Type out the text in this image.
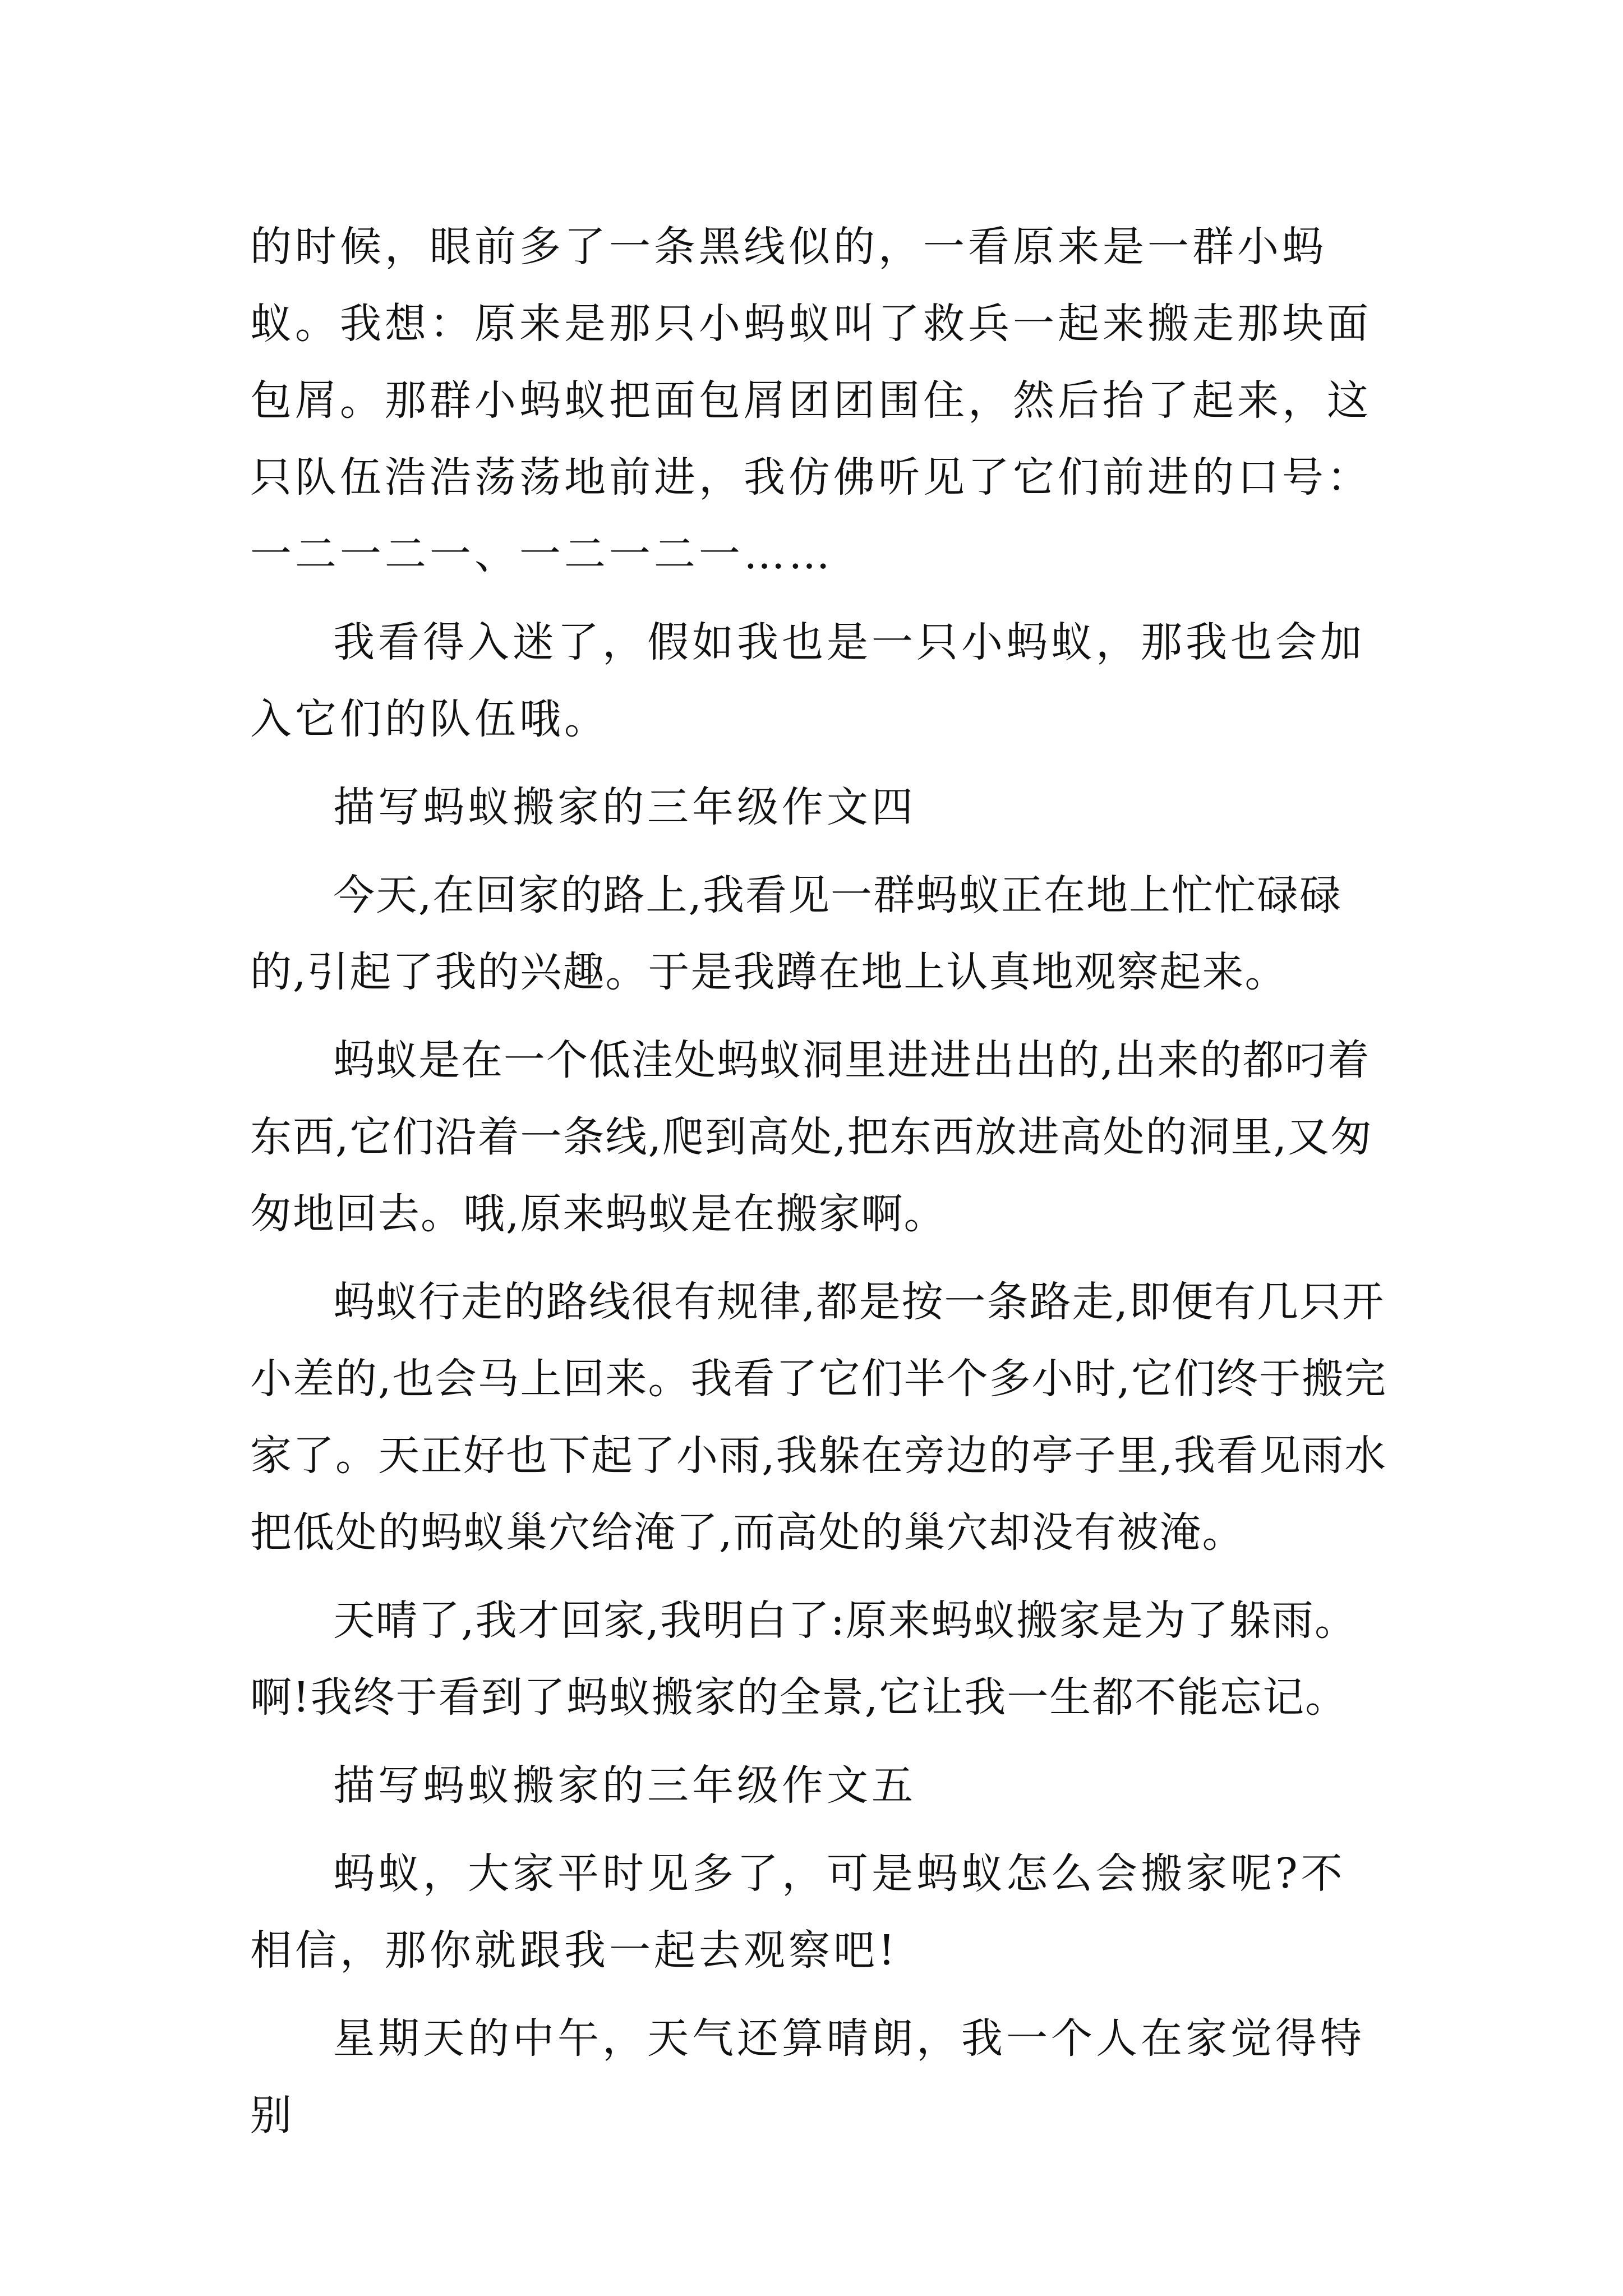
的时候，眼前多了一条黑线似的，一看原来是一群小蚂蚁。我想：原来是那只小蚂蚁叫了救兵一起来搬走那块面包屑。那群小蚂蚁把面包屑团团围住，然后抬了起来，这只队伍浩浩荡荡地前进，我仿佛听见了它们前进的口号：一二一二一、一二一二一……

我看得入迷了，假如我也是一只小蚂蚁，那我也会加入它们的队伍哦。

描写蚂蚁搬家的三年级作文四

今天,在回家的路上,我看见一群蚂蚁正在地上忙忙碌碌的,引起了我的兴趣。于是我蹲在地上认真地观察起来。

蚂蚁是在一个低洼处蚂蚁洞里进进出出的,出来的都叼着东西,它们沿着一条线,爬到高处,把东西放进高处的洞里,又匆匆地回去。哦,原来蚂蚁是在搬家啊。

蚂蚁行走的路线很有规律,都是按一条路走,即便有几只开小差的,也会马上回来。我看了它们半个多小时,它们终于搬完家了。天正好也下起了小雨,我躲在旁边的亭子里,我看见雨水把低处的蚂蚁巢穴给淹了,而高处的巢穴却没有被淹。

天晴了,我才回家,我明白了:原来蚂蚁搬家是为了躲雨。啊!我终于看到了蚂蚁搬家的全景,它让我一生都不能忘记。

描写蚂蚁搬家的三年级作文五

蚂蚁，大家平时见多了，可是蚂蚁怎么会搬家呢?不相信，那你就跟我一起去观察吧!

星期天的中午，天气还算晴朗，我一个人在家觉得特别
